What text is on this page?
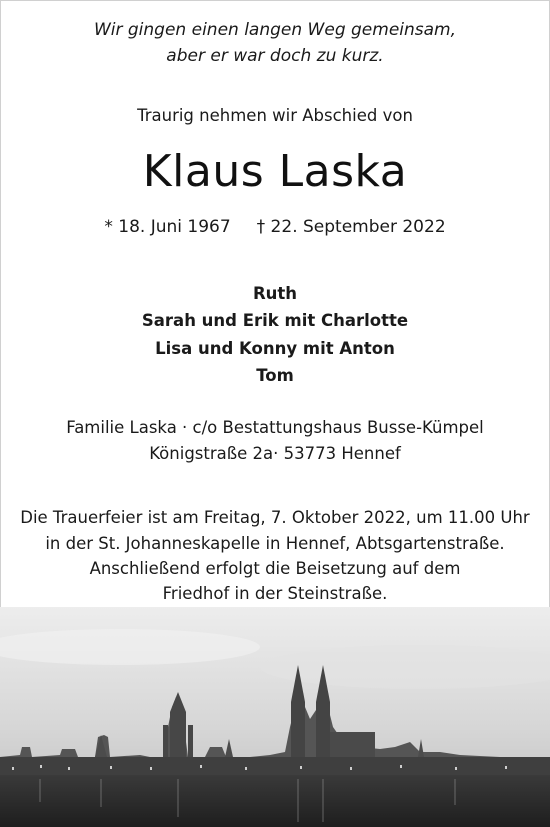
Wir gingen einen langen Weg gemeinsam,
aber er war doch zu kurz.
Traurig nehmen wir Abschied von
Klaus Laska
* 18. Juni 1967 † 22. September 2022
Ruth
Sarah und Erik mit Charlotte
Lisa und Konny mit Anton
Tom
Familie Laska · c/o Bestattungshaus Busse-Kümpel
Königstraße 2a· 53773 Hennef
Die Trauerfeier ist am Freitag, 7. Oktober 2022, um 11.00 Uhr
in der St. Johanneskapelle in Hennef, Abtsgartenstraße.
Anschließend erfolgt die Beisetzung auf dem
Friedhof in der Steinstraße.
